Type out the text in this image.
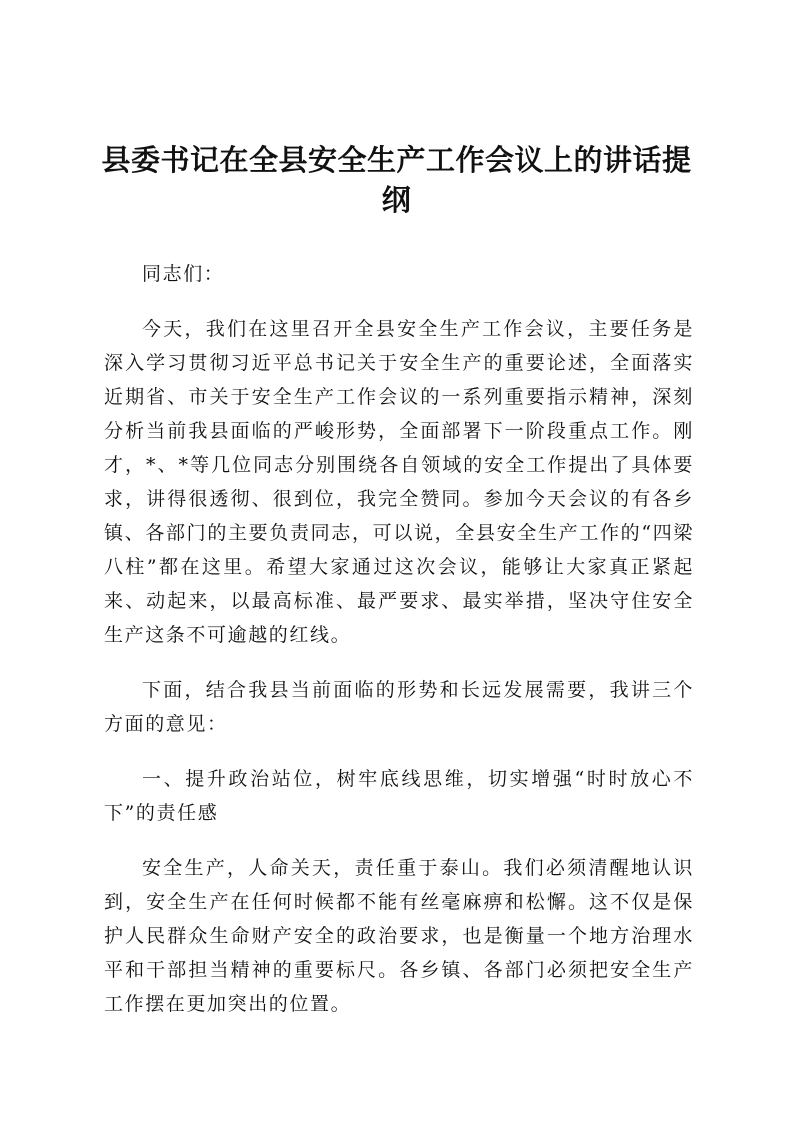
县委书记在全县安全生产工作会议上的讲话提纲

同志们：

今天，我们在这里召开全县安全生产工作会议，主要任务是深入学习贯彻习近平总书记关于安全生产的重要论述，全面落实近期省、市关于安全生产工作会议的一系列重要指示精神，深刻分析当前我县面临的严峻形势，全面部署下一阶段重点工作。刚才，*、*等几位同志分别围绕各自领域的安全工作提出了具体要求，讲得很透彻、很到位，我完全赞同。参加今天会议的有各乡镇、各部门的主要负责同志，可以说，全县安全生产工作的“四梁八柱”都在这里。希望大家通过这次会议，能够让大家真正紧起来、动起来，以最高标准、最严要求、最实举措，坚决守住安全生产这条不可逾越的红线。

下面，结合我县当前面临的形势和长远发展需要，我讲三个方面的意见：

一、提升政治站位，树牢底线思维，切实增强“时时放心不下”的责任感

安全生产，人命关天，责任重于泰山。我们必须清醒地认识到，安全生产在任何时候都不能有丝毫麻痹和松懈。这不仅是保护人民群众生命财产安全的政治要求，也是衡量一个地方治理水平和干部担当精神的重要标尺。各乡镇、各部门必须把安全生产工作摆在更加突出的位置。
